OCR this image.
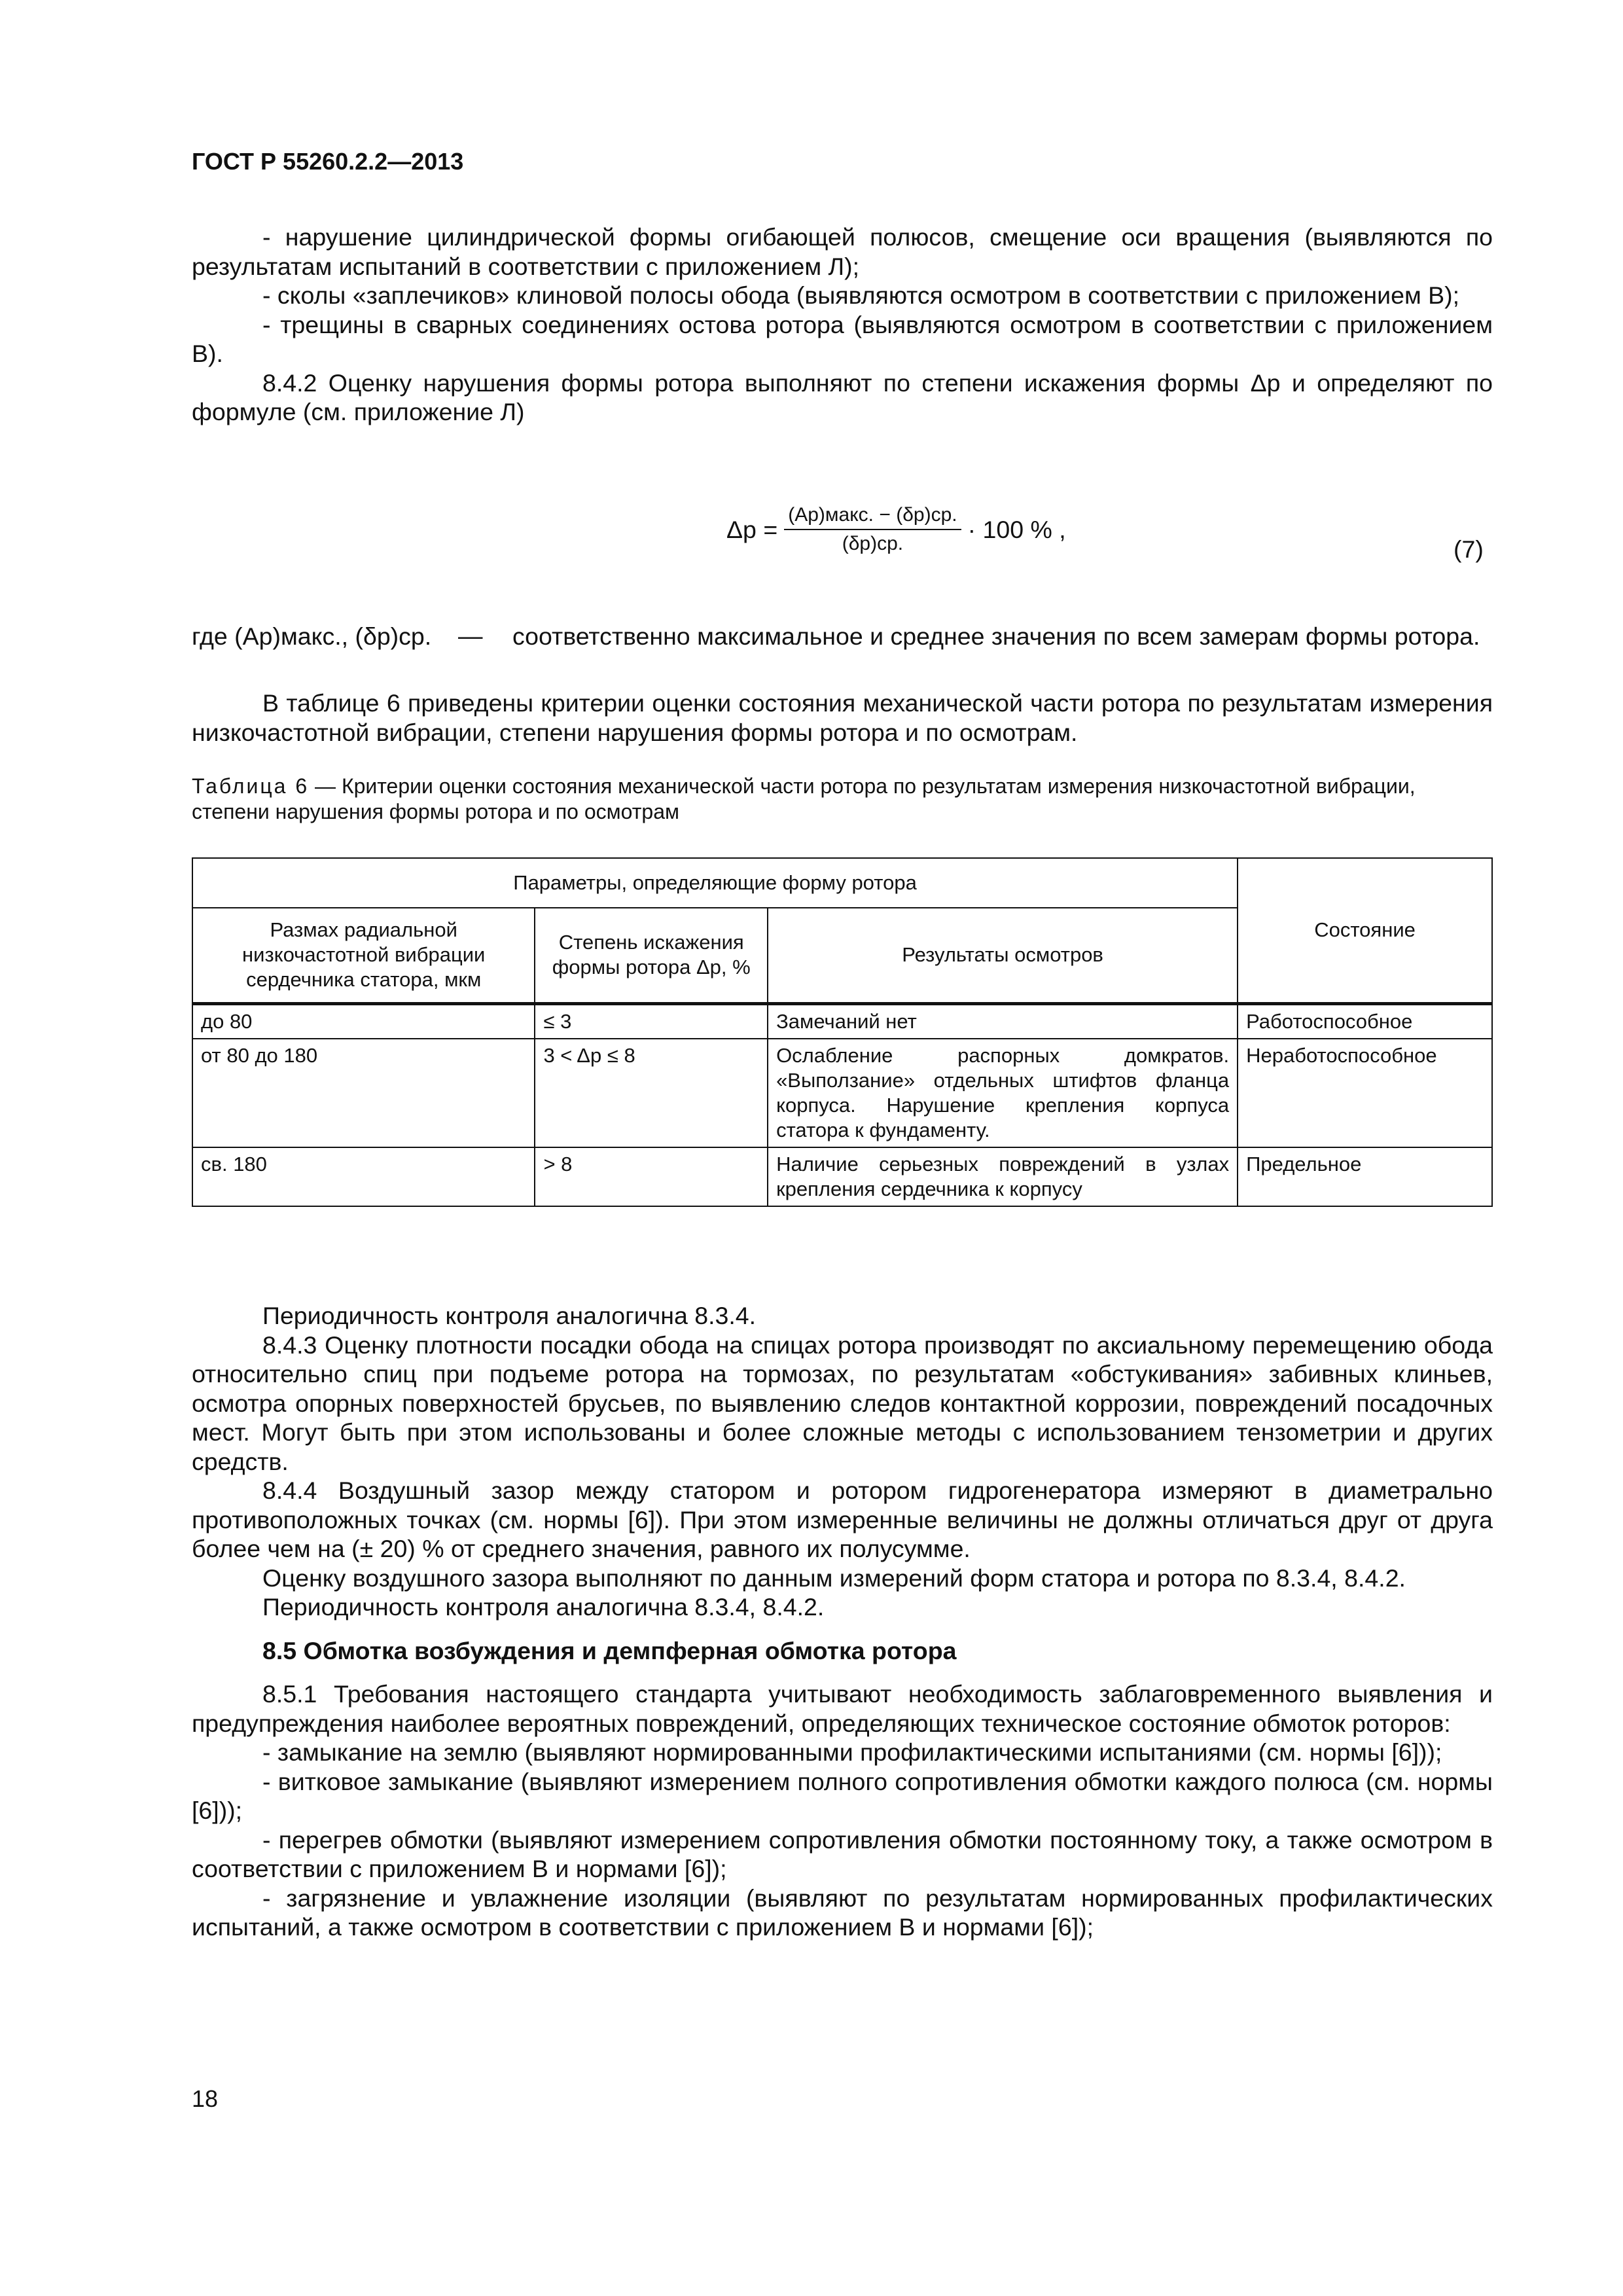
ГОСТ Р 55260.2.2—2013

- нарушение цилиндрической формы огибающей полюсов, смещение оси вращения (выявляются по результатам испытаний в соответствии с приложением Л);

- сколы «заплечиков» клиновой полосы обода (выявляются осмотром в соответствии с приложением В);

- трещины в сварных соединениях остова ротора (выявляются осмотром в соответствии с приложением В).

8.4.2 Оценку нарушения формы ротора выполняют по степени искажения формы Δр и определяют по формуле (см. приложение Л)

$\Delta p = \frac{\text{(Aр)макс. − (δр)ср.}}{(\delta р)ср.} \cdot 100$ % ,
(7)
где (Aр)макс., (δр)ср. — соответственно максимальное и среднее значения по всем замерам формы ротора.

В таблице 6 приведены критерии оценки состояния механической части ротора по результатам измерения низкочастотной вибрации, степени нарушения формы ротора и по осмотрам.

Таблица 6 — Критерии оценки состояния механической части ротора по результатам измерения низкочастотной вибрации, степени нарушения формы ротора и по осмотрам
Параметры, определяющие форму ротора			Состояние
Размах радиальной низкочастотной вибрации сердечника статора, мкм	Степень искажения формы ротора Δр, %	Результаты осмотров	
до 80	≤ 3	Замечаний нет	Работоспособное
от 80 до 180	3 < Δр ≤ 8	Ослабление распорных домкратов. «Выползание» отдельных штифтов фланца корпуса. Нарушение крепления корпуса статора к фундаменту.	Неработоспособное
св. 180	> 8	Наличие серьезных повреждений в узлах крепления сердечника к корпусу	Предельное

Периодичность контроля аналогична 8.3.4.

8.4.3 Оценку плотности посадки обода на спицах ротора производят по аксиальному перемещению обода относительно спиц при подъеме ротора на тормозах, по результатам «обстукивания» забивных клиньев, осмотра опорных поверхностей брусьев, по выявлению следов контактной коррозии, повреждений посадочных мест. Могут быть при этом использованы и более сложные методы с использованием тензометрии и других средств.

8.4.4 Воздушный зазор между статором и ротором гидрогенератора измеряют в диаметрально противоположных точках (см. нормы [6]). При этом измеренные величины не должны отличаться друг от друга более чем на (± 20) % от среднего значения, равного их полусумме.

Оценку воздушного зазора выполняют по данным измерений форм статора и ротора по 8.3.4, 8.4.2.

Периодичность контроля аналогична 8.3.4, 8.4.2.

8.5 Обмотка возбуждения и демпферная обмотка ротора

8.5.1 Требования настоящего стандарта учитывают необходимость заблаговременного выявления и предупреждения наиболее вероятных повреждений, определяющих техническое состояние обмоток роторов:

- замыкание на землю (выявляют нормированными профилактическими испытаниями (см. нормы [6]));

- витковое замыкание (выявляют измерением полного сопротивления обмотки каждого полюса (см. нормы [6]));

- перегрев обмотки (выявляют измерением сопротивления обмотки постоянному току, а также осмотром в соответствии с приложением В и нормами [6]);

- загрязнение и увлажнение изоляции (выявляют по результатам нормированных профилактических испытаний, а также осмотром в соответствии с приложением В и нормами [6]);

18
